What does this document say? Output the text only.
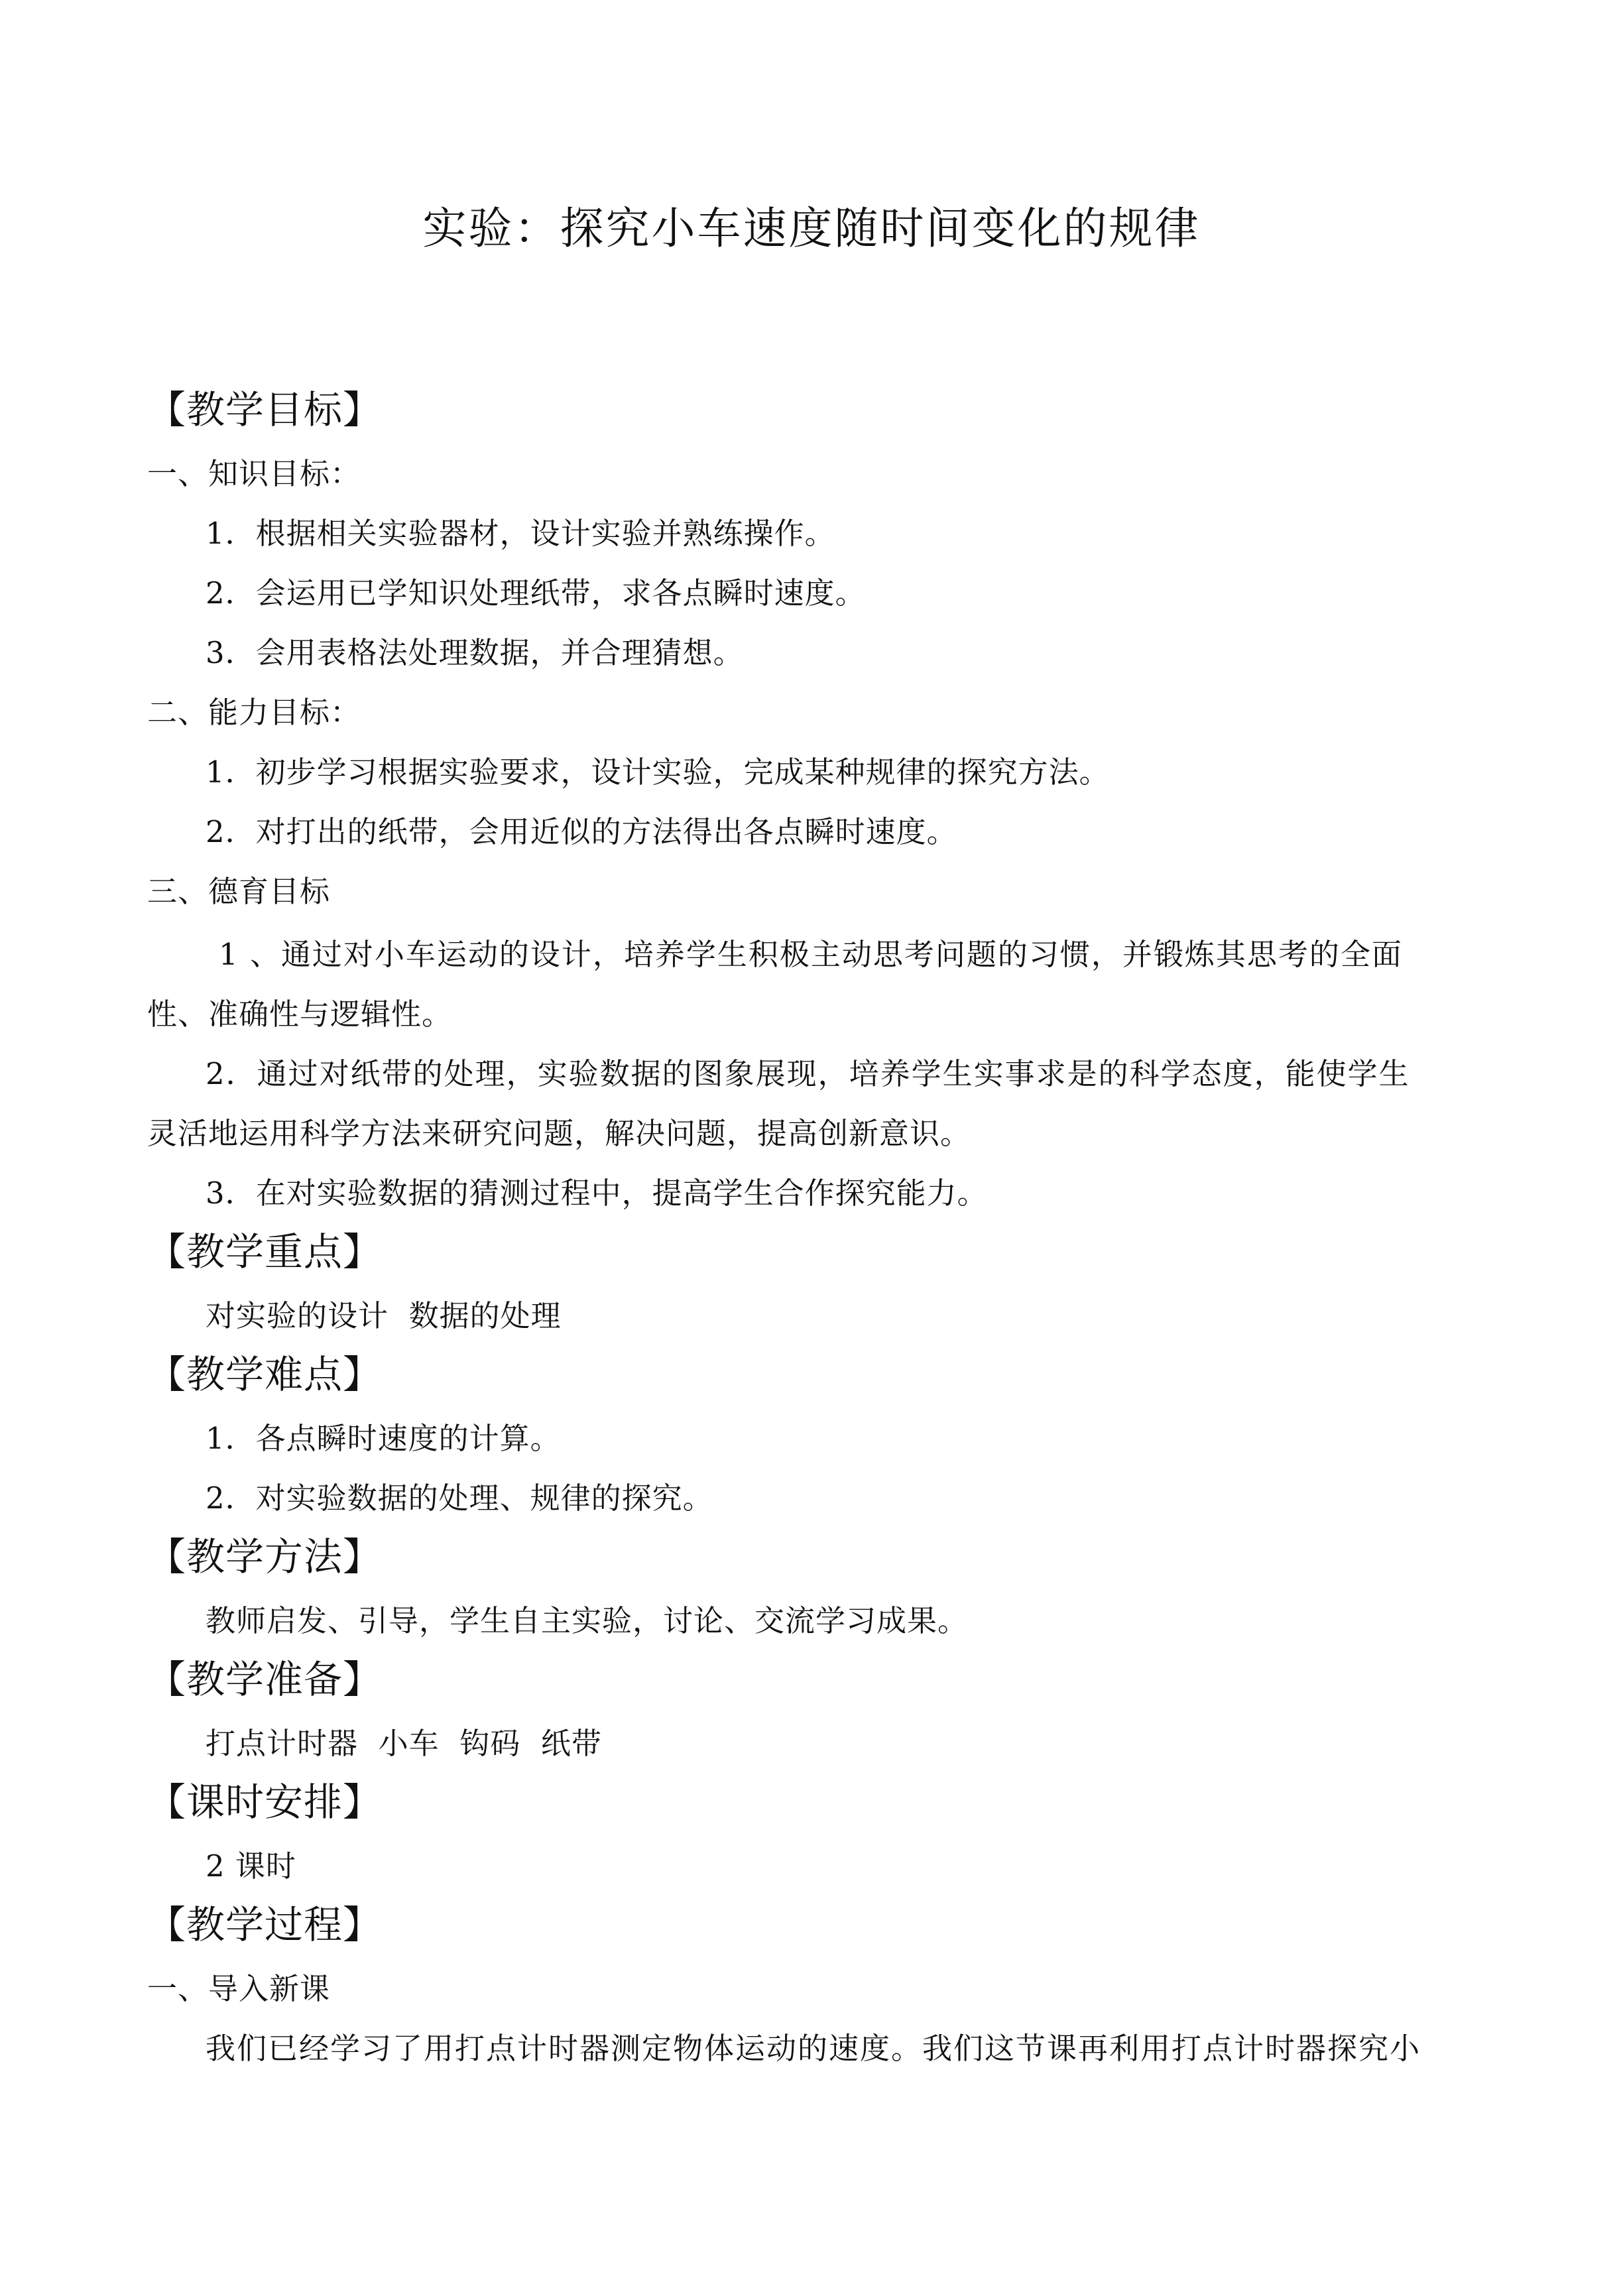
实验：探究小车速度随时间变化的规律
【教学目标】
一、知识目标：
1．根据相关实验器材，设计实验并熟练操作。
2．会运用已学知识处理纸带，求各点瞬时速度。
3．会用表格法处理数据，并合理猜想。
二、能力目标：
1．初步学习根据实验要求，设计实验，完成某种规律的探究方法。
2．对打出的纸带，会用近似的方法得出各点瞬时速度。
三、德育目标
1 、通过对小车运动的设计，培养学生积极主动思考问题的习惯，并锻炼其思考的全面
性、准确性与逻辑性。
2．通过对纸带的处理，实验数据的图象展现，培养学生实事求是的科学态度，能使学生
灵活地运用科学方法来研究问题，解决问题，提高创新意识。
3．在对实验数据的猜测过程中，提高学生合作探究能力。
【教学重点】
对实验的设计  数据的处理
【教学难点】
1．各点瞬时速度的计算。
2．对实验数据的处理、规律的探究。
【教学方法】
教师启发、引导，学生自主实验，讨论、交流学习成果。
【教学准备】
打点计时器  小车  钩码  纸带
【课时安排】
2 课时
【教学过程】
一、导入新课
我们已经学习了用打点计时器测定物体运动的速度。我们这节课再利用打点计时器探究小
